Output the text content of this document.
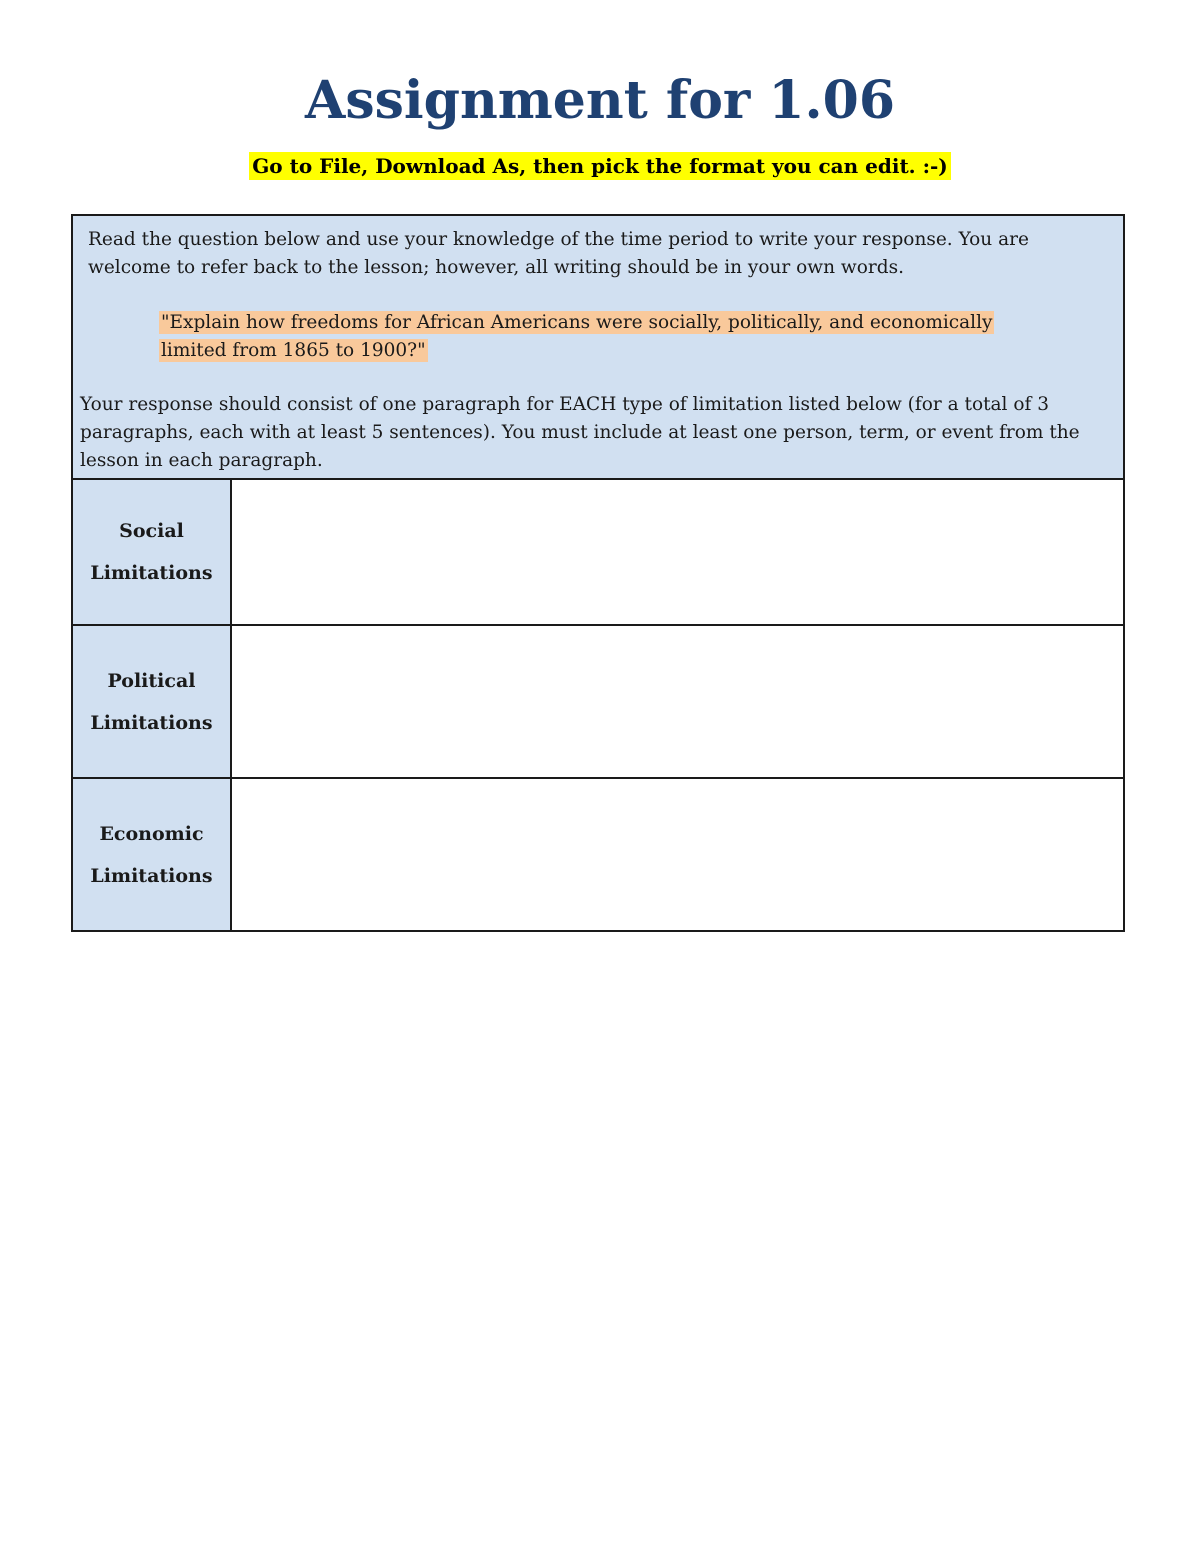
Assignment for 1.06
Go to File, Download As, then pick the format you can edit. :-)

Read the question below and use your knowledge of the time period to write your response. You are welcome to refer back to the lesson; however, all writing should be in your own words.

"Explain how freedoms for African Americans were socially, politically, and economically limited from 1865 to 1900?"

Your response should consist of one paragraph for EACH type of limitation listed below (for a total of 3 paragraphs, each with at least 5 sentences). You must include at least one person, term, or event from the lesson in each paragraph.

Social
Limitations
Political
Limitations
Economic
Limitations
